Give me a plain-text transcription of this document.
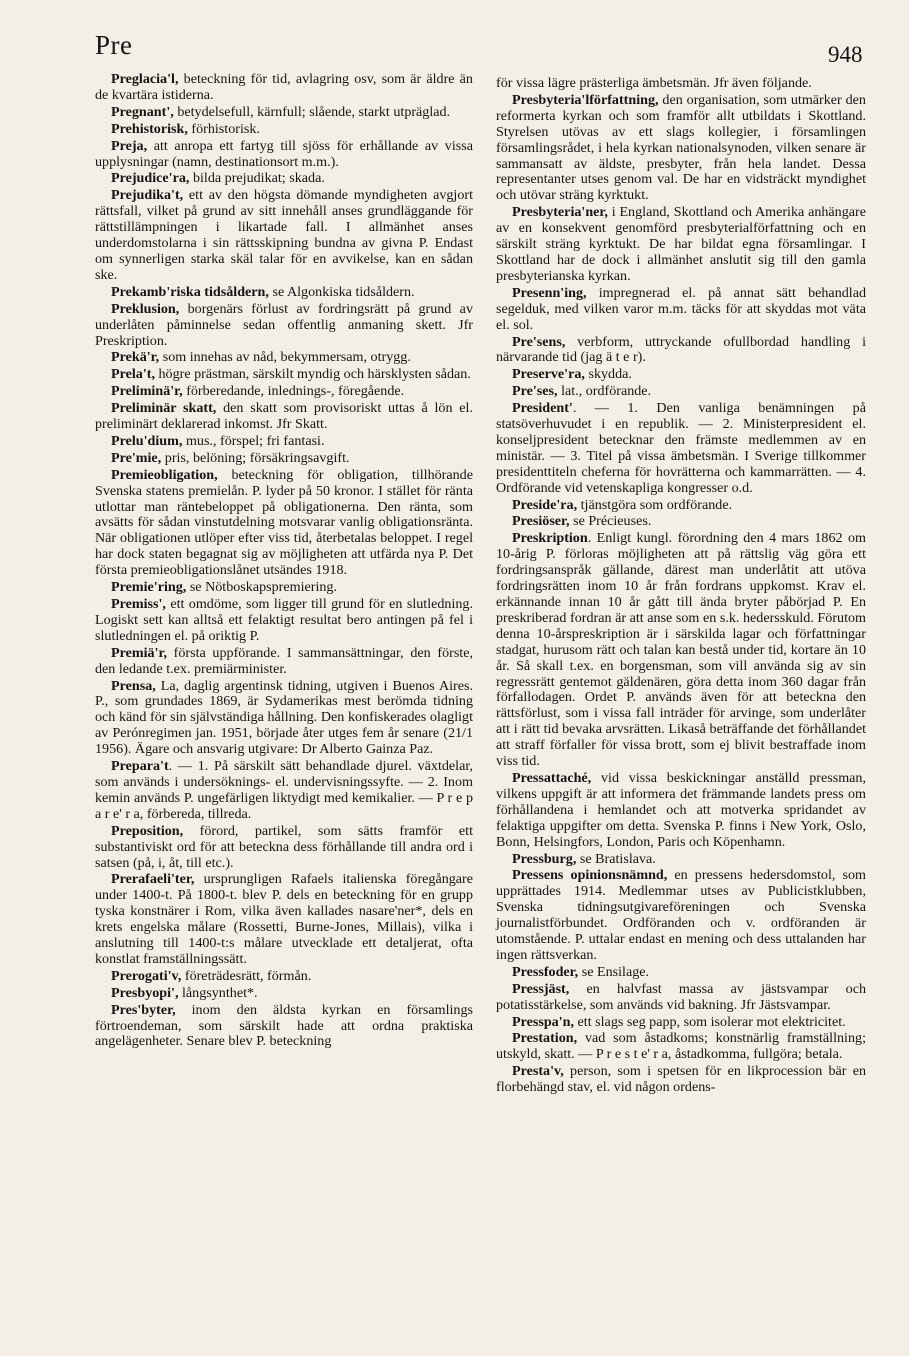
Pre	948

Preglacia'l , beteckning för tid, avlagring osv, som är äldre än de kvartära istiderna.

Pregnant' , betydelsefull, kärnfull; slående, starkt utpräglad.

Prehistorisk , förhistorisk.

Preja , att anropa ett fartyg till sjöss för erhållande av vissa upplysningar (namn, destinationsort m.m.).

Prejudice'ra , bilda prejudikat; skada.

Prejudika't , ett av den högsta dömande myndigheten avgjort rättsfall, vilket på grund av sitt innehåll anses grundläggande för rättstillämpningen i likartade fall. I allmänhet anses underdomstolarna i sin rättsskipning bundna av givna P. Endast om synnerligen starka skäl talar för en avvikelse, kan en sådan ske.

Prekamb'riska tidsåldern , se Algonkiska tidsåldern.

Preklusion , borgenärs förlust av fordringsrätt på grund av underlåten påminnelse sedan offentlig anmaning skett. Jfr Preskription.

Prekä'r , som innehas av nåd, bekymmersam, otrygg.

Prela't , högre prästman, särskilt myndig och härsklysten sådan.

Preliminä'r , förberedande, inlednings-, föregående.

Preliminär skatt , den skatt som provisoriskt uttas å lön el. preliminärt deklarerad inkomst. Jfr Skatt.

Prelu'dium , mus., förspel; fri fantasi.

Pre'mie , pris, belöning; försäkringsavgift.

Premieobligation , beteckning för obligation, tillhörande Svenska statens premielån. P. lyder på 50 kronor. I stället för ränta utlottar man räntebeloppet på obligationerna. Den ränta, som avsätts för sådan vinstutdelning motsvarar vanlig obligationsränta. När obligationen utlöper efter viss tid, återbetalas beloppet. I regel har dock staten begagnat sig av möjligheten att utfärda nya P. Det första premieobligationslånet utsändes 1918.

Premie'ring , se Nötboskapspremiering.

Premiss' , ett omdöme, som ligger till grund för en slutledning. Logiskt sett kan alltså ett felaktigt resultat bero antingen på fel i slutledningen el. på oriktig P.

Premiä'r , första uppförande. I sammansättningar, den förste, den ledande t.ex. premiärminister.

Prensa , La, daglig argentinsk tidning, utgiven i Buenos Aires. P., som grundades 1869, är Sydamerikas mest berömda tidning och känd för sin självständiga hållning. Den konfiskerades olagligt av Perónregimen jan. 1951, började åter utges fem år senare (21/1 1956). Ägare och ansvarig utgivare: Dr Alberto Gainza Paz.

Prepara't. — 1. På särskilt sätt behandlade djurel. växtdelar, som används i undersöknings- el. undervisningssyfte. — 2. Inom kemin används P. ungefärligen liktydigt med kemikalier. — P r e p a r e' r a, förbereda, tillreda.

Preposition , förord, partikel, som sätts framför ett substantiviskt ord för att beteckna dess förhållande till andra ord i satsen (på, i, åt, till etc.).

Prerafaeli'ter , ursprungligen Rafaels italienska föregångare under 1400-t. På 1800-t. blev P. dels en beteckning för en grupp tyska konstnärer i Rom, vilka även kallades nasare'ner*, dels en krets engelska målare (Rossetti, Burne-Jones, Millais), vilka i anslutning till 1400-t:s målare utvecklade ett detaljerat, ofta konstlat framställningssätt.

Prerogati'v , företrädesrätt, förmån.

Presbyopi' , långsynthet*.

Pres'byter , inom den äldsta kyrkan en församlings förtroendeman, som särskilt hade att ordna praktiska angelägenheter. Senare blev P. beteckning

för vissa lägre prästerliga ämbetsmän. Jfr även följande.

Presbyteria'lförfattning , den organisation, som utmärker den reformerta kyrkan och som framför allt utbildats i Skottland. Styrelsen utövas av ett slags kollegier, i församlingen församlingsrådet, i hela kyrkan nationalsynoden, vilken senare är sammansatt av äldste, presbyter, från hela landet. Dessa representanter utses genom val. De har en vidsträckt myndighet och utövar sträng kyrktukt.

Presbyteria'ner , i England, Skottland och Amerika anhängare av en konsekvent genomförd presbyterialförfattning och en särskilt sträng kyrktukt. De har bildat egna församlingar. I Skottland har de dock i allmänhet anslutit sig till den gamla presbyterianska kyrkan.

Presenn'ing , impregnerad el. på annat sätt behandlad segelduk, med vilken varor m.m. täcks för att skyddas mot väta el. sol.

Pre'sens , verbform, uttryckande ofullbordad handling i närvarande tid (jag ä t e r).

Preserve'ra , skydda.

Pre'ses , lat., ordförande.

President'. — 1. Den vanliga benämningen på statsöverhuvudet i en republik. — 2. Ministerpresident el. konseljpresident betecknar den främste medlemmen av en ministär. — 3. Titel på vissa ämbetsmän. I Sverige tillkommer presidenttiteln cheferna för hovrätterna och kammarrätten. — 4. Ordförande vid vetenskapliga kongresser o.d.

Preside'ra , tjänstgöra som ordförande.

Presiöser , se Précieuses.

Preskription. Enligt kungl. förordning den 4 mars 1862 om 10-årig P. förloras möjligheten att på rättslig väg göra ett fordringsanspråk gällande, därest man underlåtit att utöva fordringsrätten inom 10 år från fordrans uppkomst. Krav el. erkännande innan 10 år gått till ända bryter påbörjad P. En preskriberad fordran är att anse som en s.k. hedersskuld. Förutom denna 10-årspreskription är i särskilda lagar och författningar stadgat, hurusom rätt och talan kan bestå under tid, kortare än 10 år. Så skall t.ex. en borgensman, som vill använda sig av sin regressrätt gentemot gäldenären, göra detta inom 360 dagar från förfallodagen. Ordet P. används även för att beteckna den rättsförlust, som i vissa fall inträder för arvinge, som underlåter att i rätt tid bevaka arvsrätten. Likaså beträffande det förhållandet att straff förfaller för vissa brott, som ej blivit bestraffade inom viss tid.

Pressattaché , vid vissa beskickningar anställd pressman, vilkens uppgift är att informera det främmande landets press om förhållandena i hemlandet och att motverka spridandet av felaktiga uppgifter om detta. Svenska P. finns i New York, Oslo, Bonn, Helsingfors, London, Paris och Köpenhamn.

Pressburg , se Bratislava.

Pressens opinionsnämnd , en pressens hedersdomstol, som upprättades 1914. Medlemmar utses av Publicistklubben, Svenska tidningsutgivareföreningen och Svenska journalistförbundet. Ordföranden och v. ordföranden är utomstående. P. uttalar endast en mening och dess uttalanden har ingen rättsverkan.

Pressfoder , se Ensilage.

Pressjäst , en halvfast massa av jästsvampar och potatisstärkelse, som används vid bakning. Jfr Jästsvampar.

Presspa'n , ett slags seg papp, som isolerar mot elektricitet.

Prestation , vad som åstadkoms; konstnärlig framställning; utskyld, skatt. — P r e s t e' r a, åstadkomma, fullgöra; betala.

Presta'v , person, som i spetsen för en likprocession bär en florbehängd stav, el. vid någon ordens-
